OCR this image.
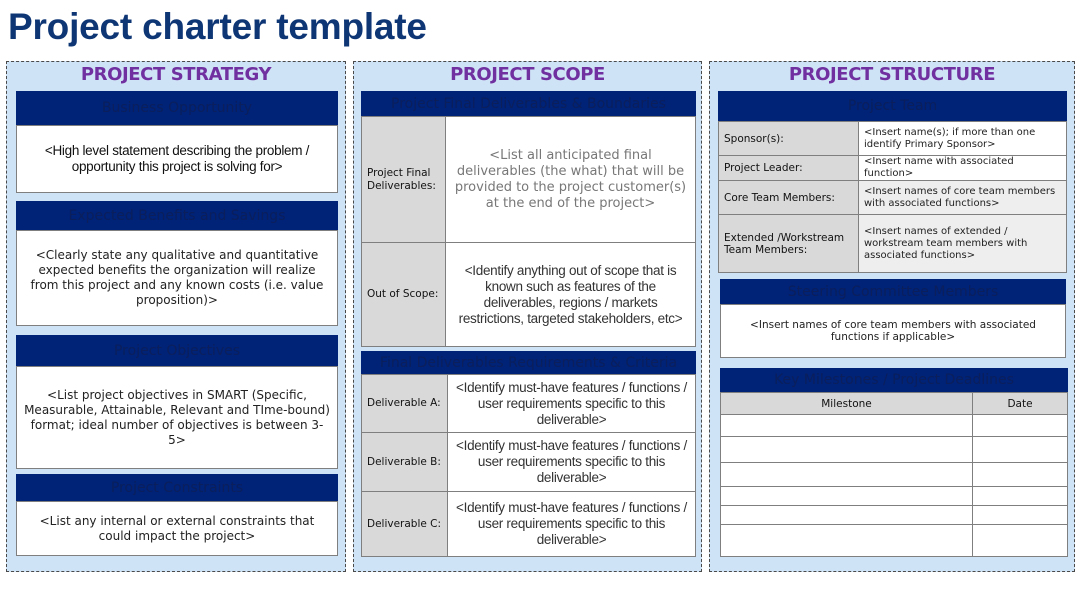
Project charter template
PROJECT STRATEGY
Business Opportunity
<High level statement describing the problem / opportunity this project is solving for>
Expected Benefits and Savings
<Clearly state any qualitative and quantitative expected benefits the organization will realize from this project and any known costs (i.e. value proposition)>
Project Objectives
<List project objectives in SMART (Specific, Measurable, Attainable, Relevant and TIme-bound) format; ideal number of objectives is between 3-5>
Project Constraints
<List any internal or external constraints that could impact the project>
PROJECT SCOPE
Project Final Deliverables & Boundaries
Project Final Deliverables:	<List all anticipated final deliverables (the what) that will be provided to the project customer(s) at the end of the project>
Out of Scope:	<Identify anything out of scope that is known such as features of the deliverables, regions / markets restrictions, targeted stakeholders, etc>
Final Deliverables Requirements & Criteria
Deliverable A:	<Identify must-have features / functions / user requirements specific to this deliverable>
Deliverable B:	<Identify must-have features / functions / user requirements specific to this deliverable>
Deliverable C:	<Identify must-have features / functions / user requirements specific to this deliverable>
PROJECT STRUCTURE
Project Team
Sponsor(s):	<Insert name(s); if more than one identify Primary Sponsor>
Project Leader:	<Insert name with associated function>
Core Team Members:	<Insert names of core team members with associated functions>
Extended /Workstream Team Members:	<Insert names of extended / workstream team members with associated functions>
Steering Committee Members
<Insert names of core team members with associated functions if applicable>
Key Milestones / Project Deadlines
Milestone	Date
